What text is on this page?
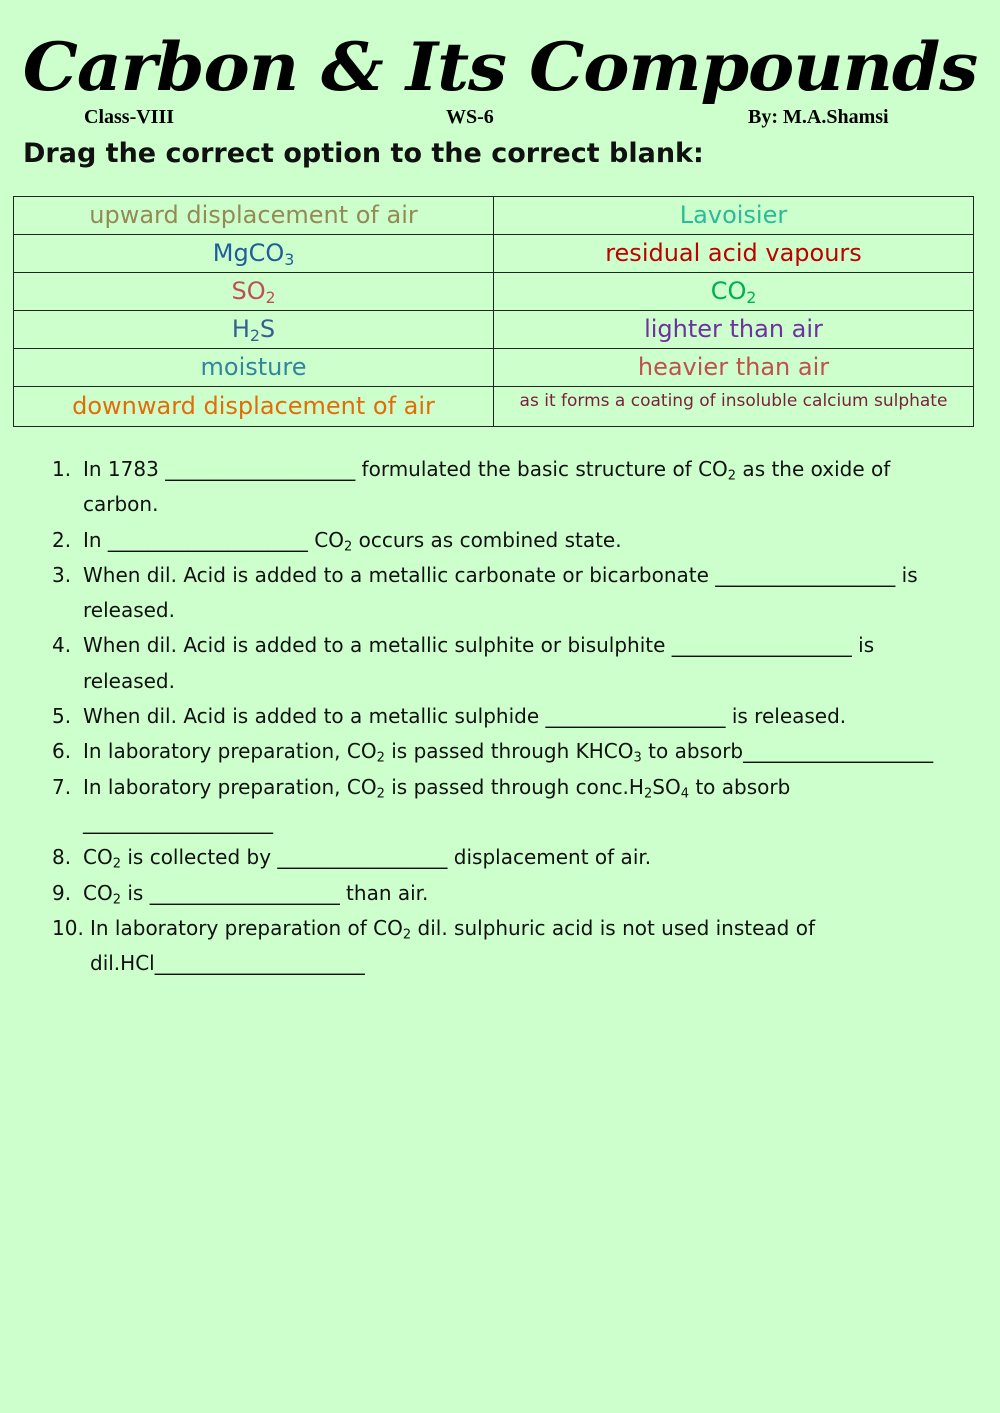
Carbon & Its Compounds
Class-VIII	WS-6	By: M.A.Shamsi
Drag the correct option to the correct blank:
upward displacement of air	Lavoisier
MgCO$_3$	residual acid vapours
$SO_2$	$CO_2$
$H_2S$	lighter than air
moisture	heavier than air
downward displacement of air	as it forms a coating of insoluble calcium sulphate
1. In 1783 ___________________ formulated the basic structure of $CO_2$ as the oxide of carbon.
2. In ____________________ $CO_2$ occurs as combined state.
3. When dil. Acid is added to a metallic carbonate or bicarbonate __________________ is released.
4. When dil. Acid is added to a metallic sulphite or bisulphite __________________ is released.
5. When dil. Acid is added to a metallic sulphide __________________ is released.
6. In laboratory preparation, $CO_2$ is passed through $KHCO_3$ to absorb___________________
7. In laboratory preparation, $CO_2$ is passed through $conc.H_2SO_4$ to absorb ___________________
8. $CO_2$ is collected by _________________ displacement of air.
9. $CO_2$ is ___________________ than air.
10. In laboratory preparation of $CO_2$ dil. sulphuric acid is not used instead of dil.HCl_____________________
